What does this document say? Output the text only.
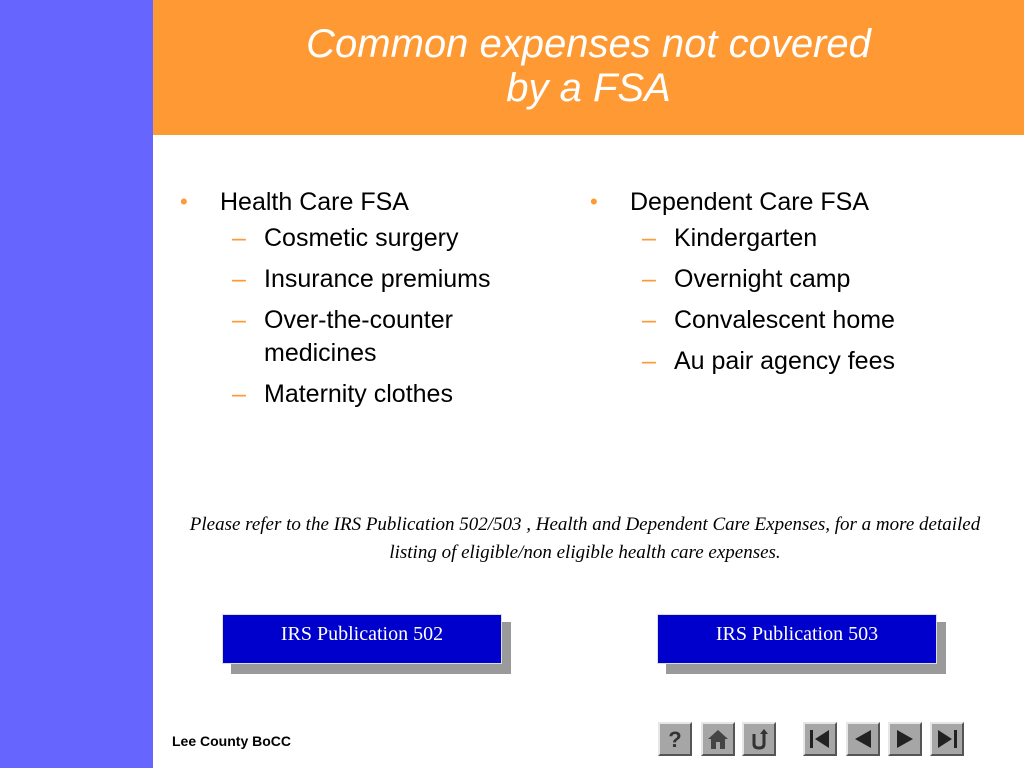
Common expenses not covered
by a FSA
• Health Care FSA
– Cosmetic surgery
– Insurance premiums
– Over-the-counter medicines
– Maternity clothes
• Dependent Care FSA
– Kindergarten
– Overnight camp
– Convalescent home
– Au pair agency fees
Please refer to the IRS Publication 502/503 , Health and Dependent Care Expenses, for a more detailed listing of eligible/non eligible health care expenses.
IRS Publication 502	IRS Publication 503
Lee County BoCC	?
